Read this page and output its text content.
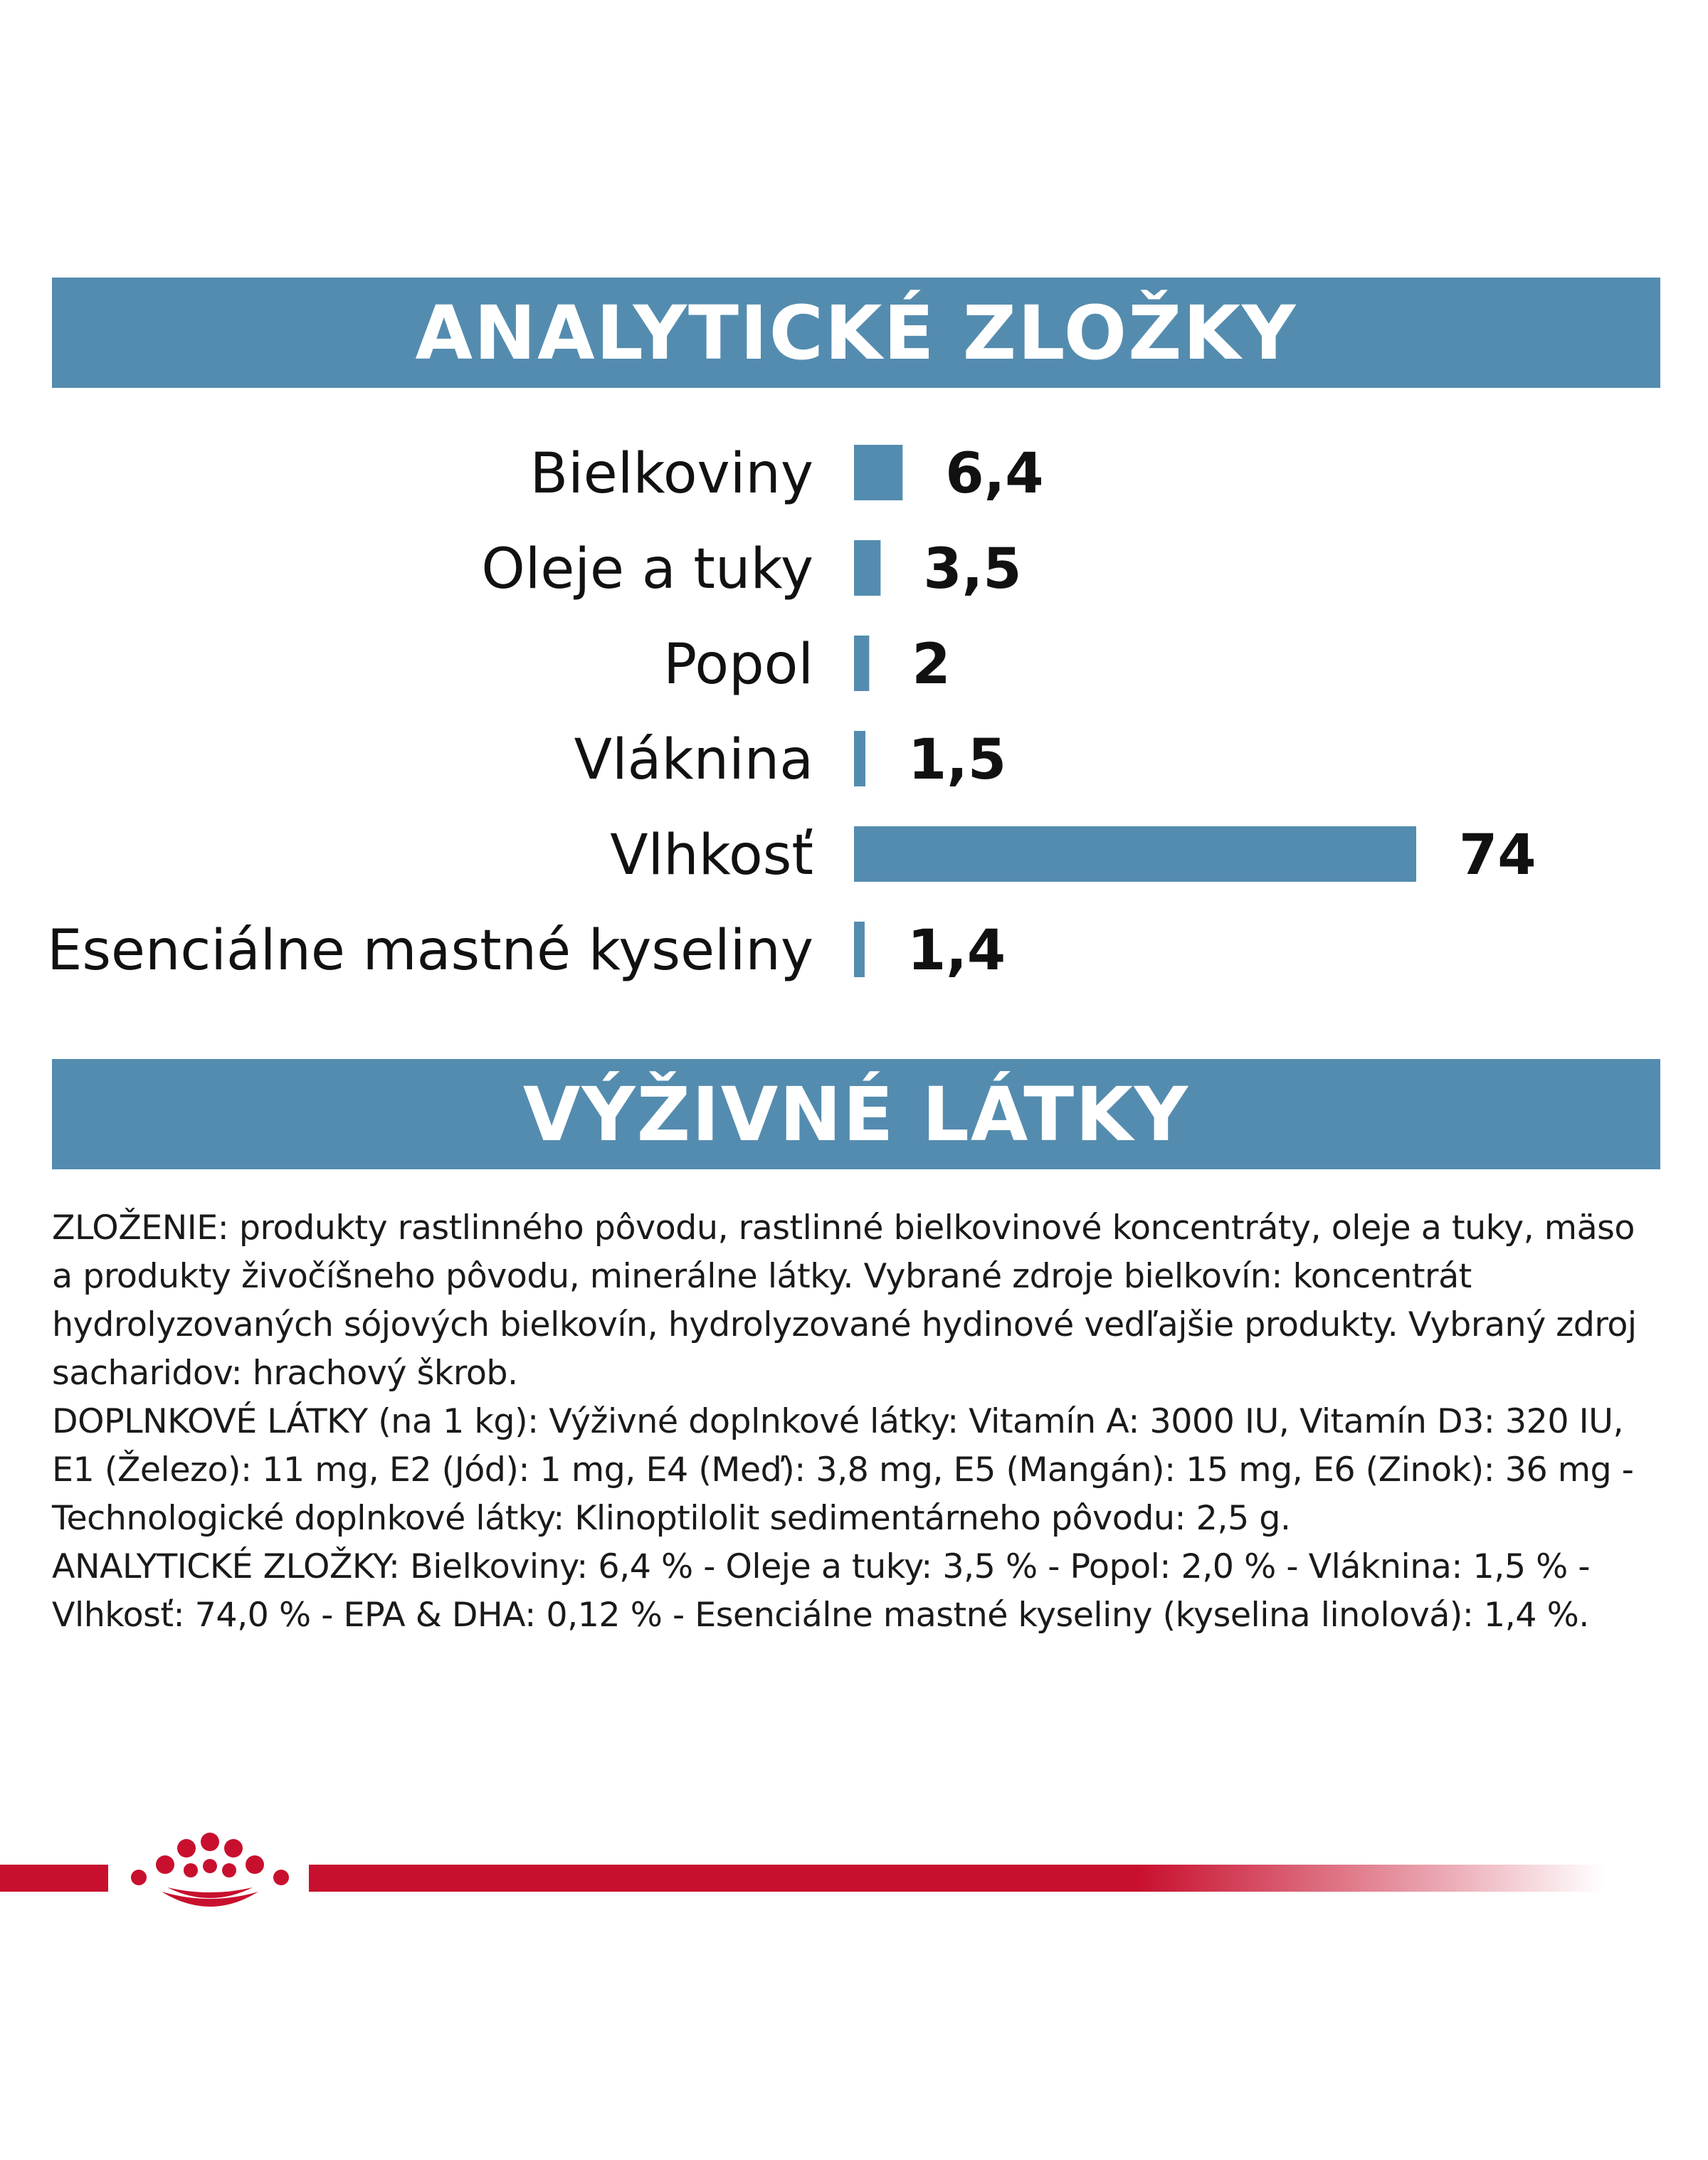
ANALYTICKÉ ZLOŽKY
Bielkoviny 6,4
Oleje a tuky 3,5
Popol 2
Vláknina 1,5
Vlhkosť	74
Esenciálne mastné kyseliny 1,4
VÝŽIVNÉ LÁTKY

ZLOŽENIE: produkty rastlinného pôvodu, rastlinné bielkovinové koncentráty, oleje a tuky, mäso a produkty živočíšneho pôvodu, minerálne látky. Vybrané zdroje bielkovín: koncentrát hydrolyzovaných sójových bielkovín, hydrolyzované hydinové vedľajšie produkty. Vybraný zdroj sacharidov: hrachový škrob.

DOPLNKOVÉ LÁTKY (na 1 kg): Výživné doplnkové látky: Vitamín A: 3000 IU, Vitamín D3: 320 IU, E1 (Železo): 11 mg, E2 (Jód): 1 mg, E4 (Meď): 3,8 mg, E5 (Mangán): 15 mg, E6 (Zinok): 36 mg - Technologické doplnkové látky: Klinoptilolit sedimentárneho pôvodu: 2,5 g.

ANALYTICKÉ ZLOŽKY: Bielkoviny: 6,4 % - Oleje a tuky: 3,5 % - Popol: 2,0 % - Vláknina: 1,5 % - Vlhkosť: 74,0 % - EPA & DHA: 0,12 % - Esenciálne mastné kyseliny (kyselina linolová): 1,4 %.
